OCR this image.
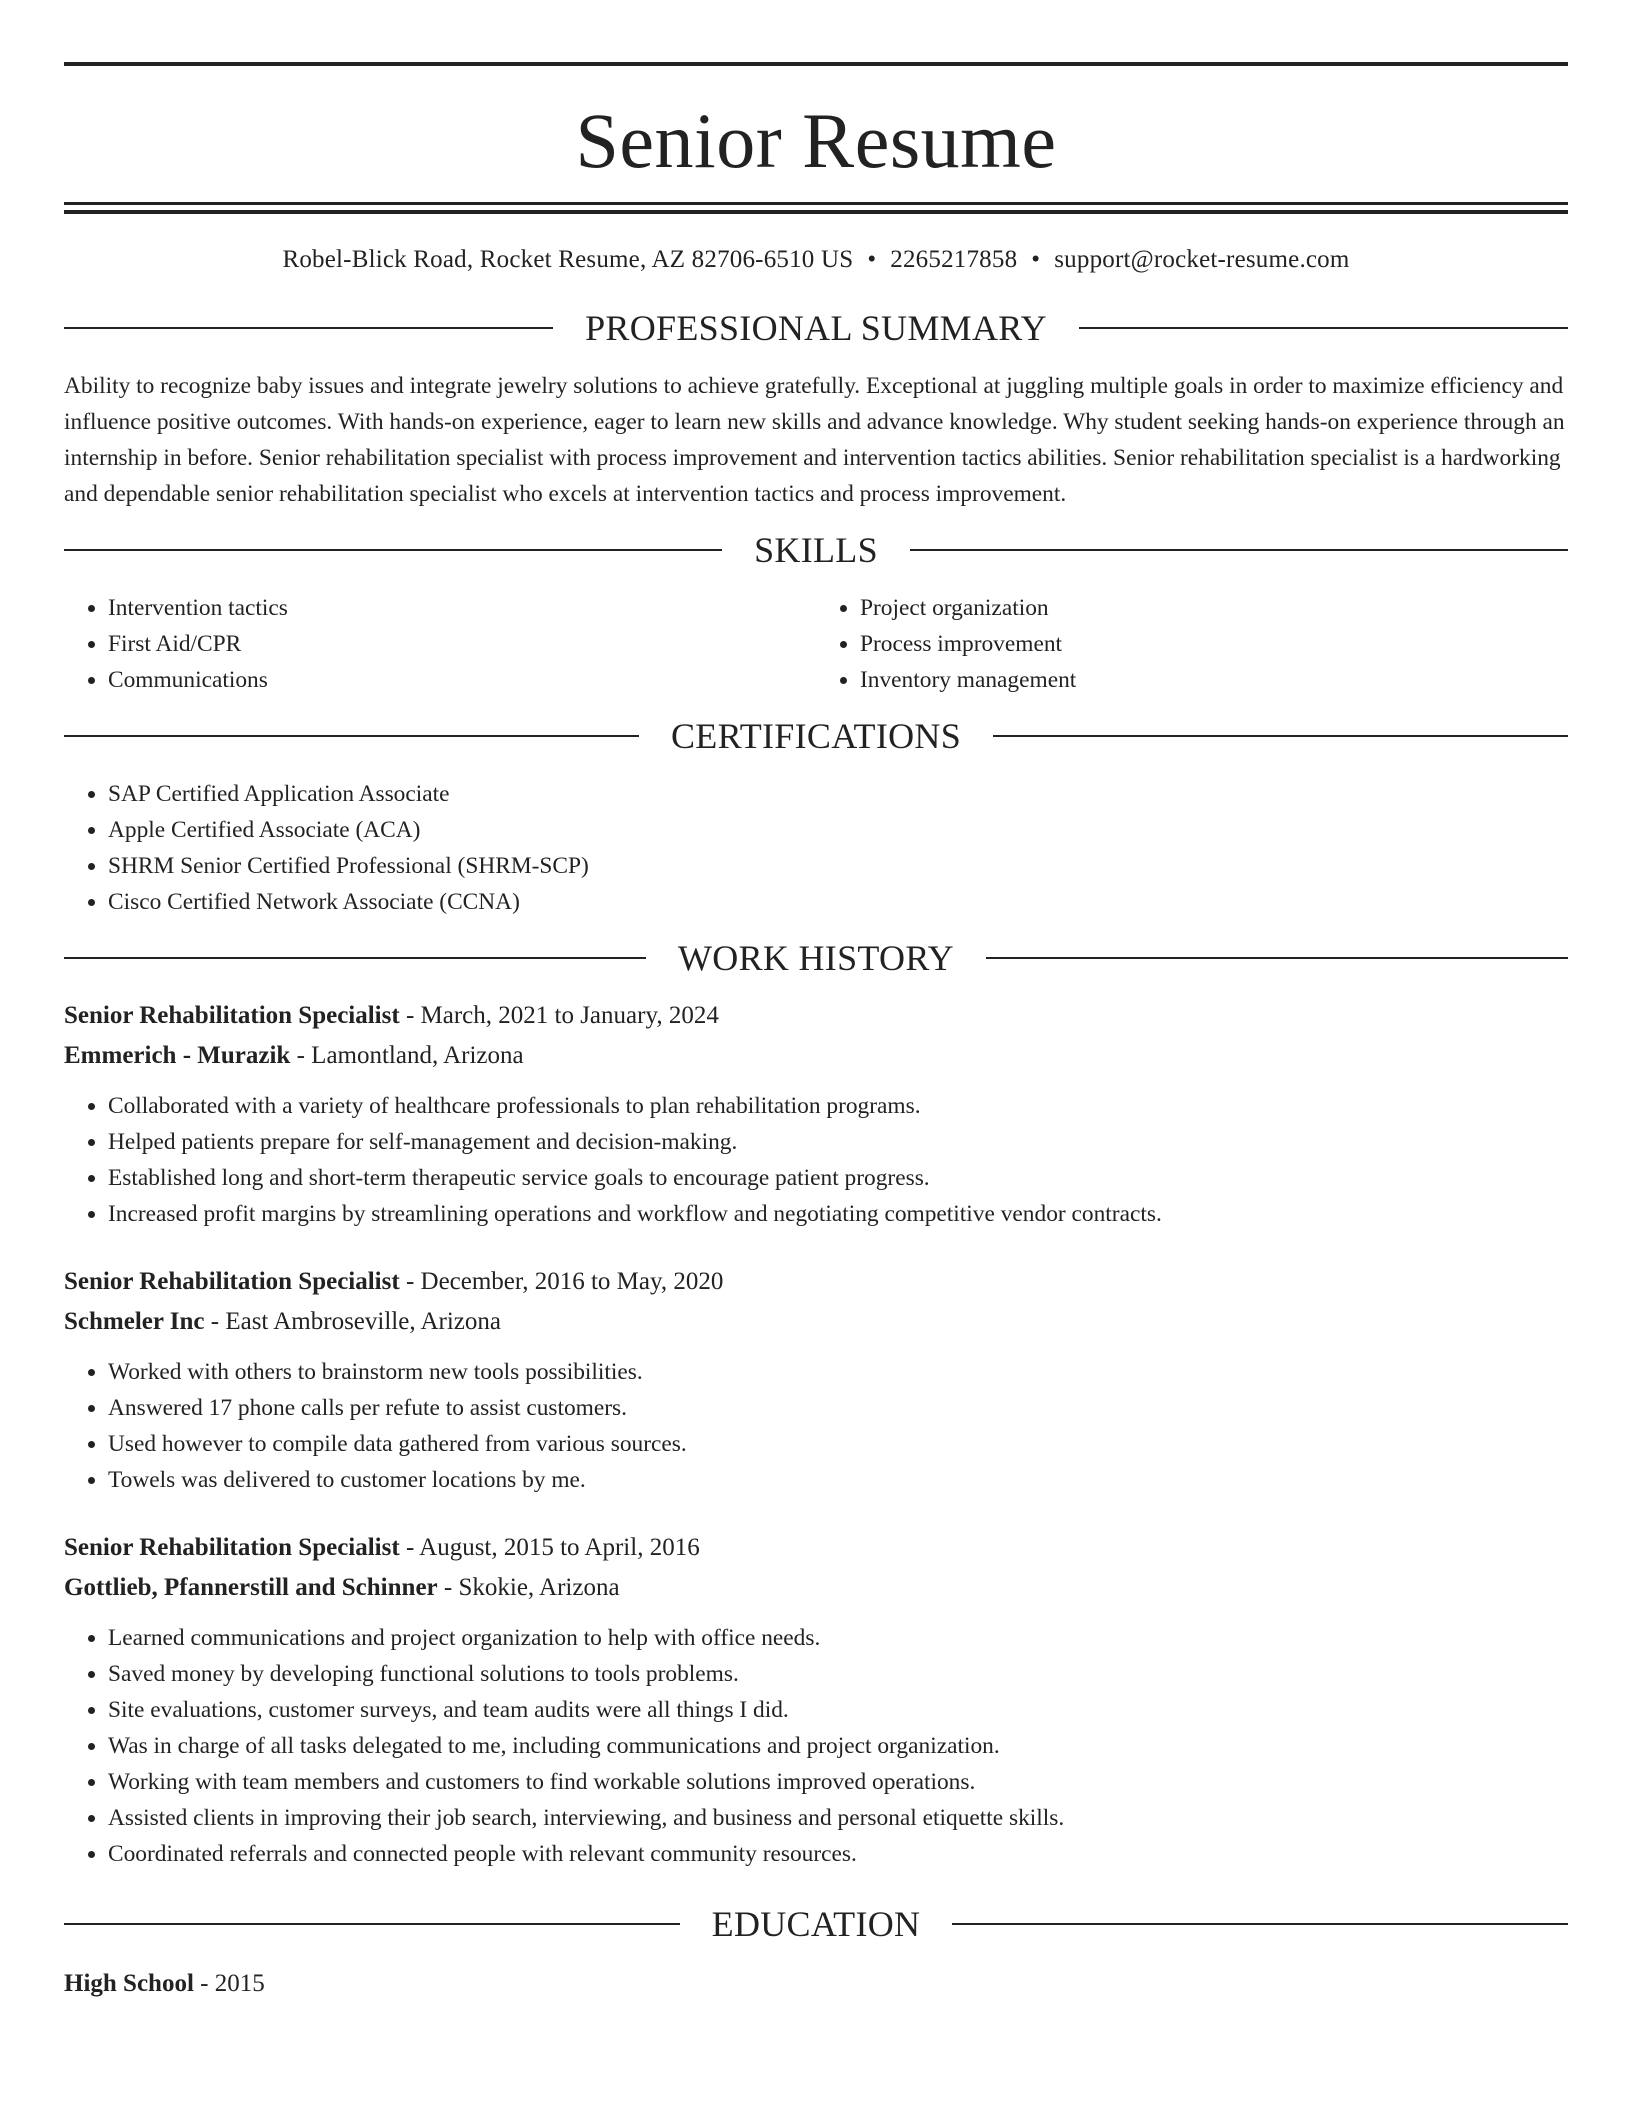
Senior Resume
Robel-Blick Road, Rocket Resume, AZ 82706-6510 US • 2265217858 • support@rocket-resume.com
PROFESSIONAL SUMMARY

Ability to recognize baby issues and integrate jewelry solutions to achieve gratefully. Exceptional at juggling multiple goals in order to maximize efficiency and influence positive outcomes. With hands-on experience, eager to learn new skills and advance knowledge. Why student seeking hands-on experience through an internship in before. Senior rehabilitation specialist with process improvement and intervention tactics abilities. Senior rehabilitation specialist is a hardworking and dependable senior rehabilitation specialist who excels at intervention tactics and process improvement.

SKILLS
• Intervention tactics
• First Aid/CPR
• Communications
• Project organization
• Process improvement
• Inventory management
CERTIFICATIONS
• SAP Certified Application Associate
• Apple Certified Associate (ACA)
• SHRM Senior Certified Professional (SHRM-SCP)
• Cisco Certified Network Associate (CCNA)
WORK HISTORY
Senior Rehabilitation Specialist - March, 2021 to January, 2024
Emmerich - Murazik - Lamontland, Arizona
• Collaborated with a variety of healthcare professionals to plan rehabilitation programs.
• Helped patients prepare for self-management and decision-making.
• Established long and short-term therapeutic service goals to encourage patient progress.
• Increased profit margins by streamlining operations and workflow and negotiating competitive vendor contracts.
Senior Rehabilitation Specialist - December, 2016 to May, 2020
Schmeler Inc - East Ambroseville, Arizona
• Worked with others to brainstorm new tools possibilities.
• Answered 17 phone calls per refute to assist customers.
• Used however to compile data gathered from various sources.
• Towels was delivered to customer locations by me.
Senior Rehabilitation Specialist - August, 2015 to April, 2016
Gottlieb, Pfannerstill and Schinner - Skokie, Arizona
• Learned communications and project organization to help with office needs.
• Saved money by developing functional solutions to tools problems.
• Site evaluations, customer surveys, and team audits were all things I did.
• Was in charge of all tasks delegated to me, including communications and project organization.
• Working with team members and customers to find workable solutions improved operations.
• Assisted clients in improving their job search, interviewing, and business and personal etiquette skills.
• Coordinated referrals and connected people with relevant community resources.
EDUCATION
High School - 2015
